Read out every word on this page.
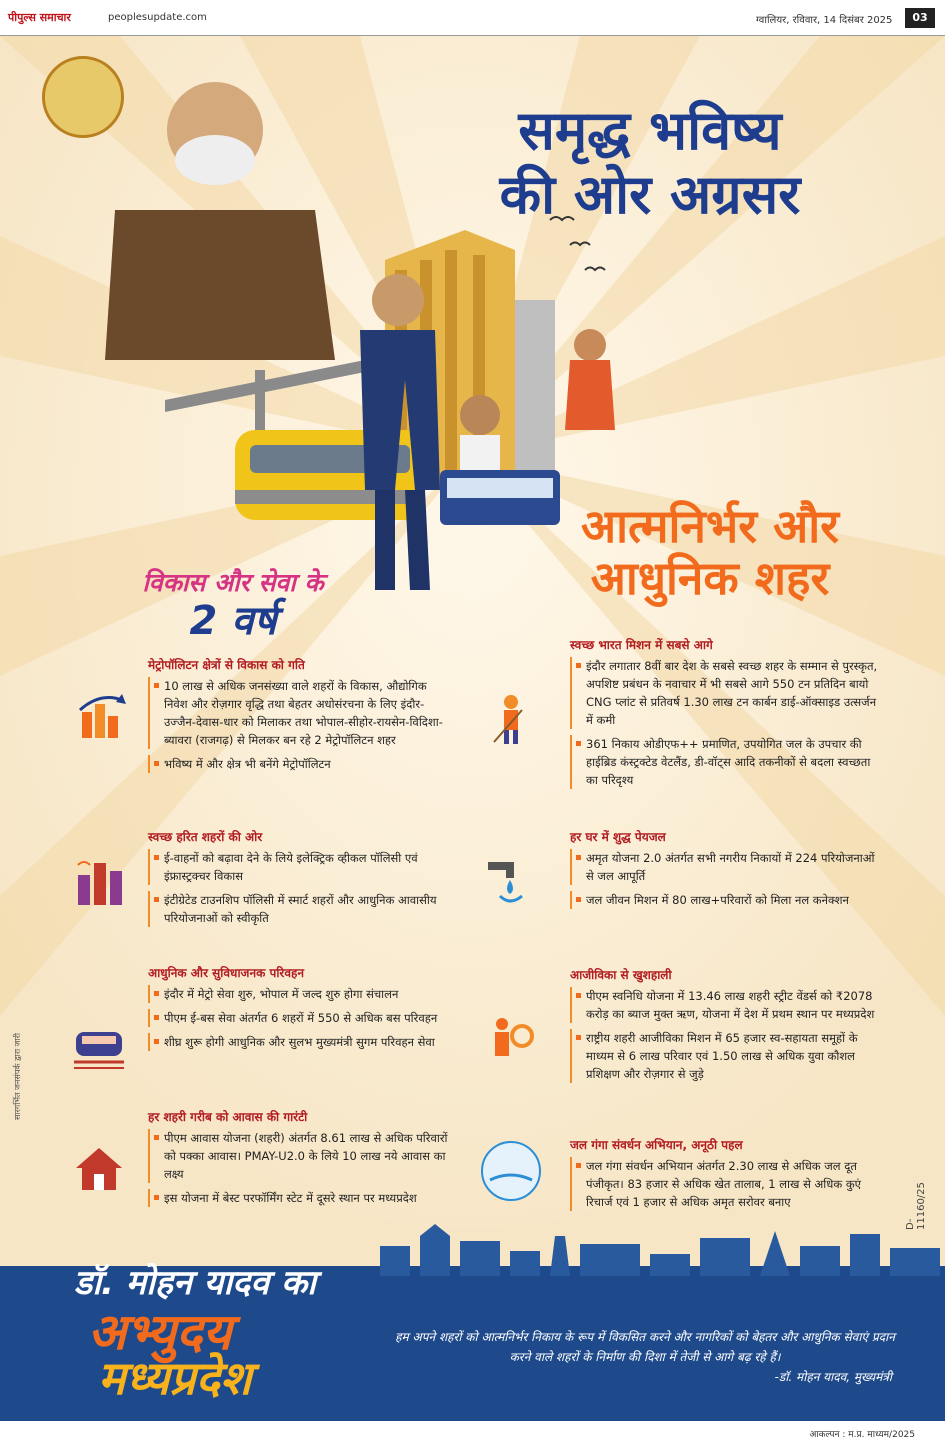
पीपुल्स समाचार	peoplesupdate.com	ग्वालियर, रविवार, 14 दिसंबर 2025	03
समृद्ध भविष्य
की ओर अग्रसर
विकास और सेवा के
2 वर्ष
आत्मनिर्भर और
आधुनिक शहर
मेट्रोपॉलिटन क्षेत्रों से विकास को गति
10 लाख से अधिक जनसंख्या वाले शहरों के विकास, औद्योगिक निवेश और रोज़गार वृद्धि तथा बेहतर अधोसंरचना के लिए इंदौर-उज्जैन-देवास-धार को मिलाकर तथा भोपाल-सीहोर-रायसेन-विदिशा-ब्यावरा (राजगढ़) से मिलकर बन रहे 2 मेट्रोपॉलिटन शहर
भविष्य में और क्षेत्र भी बनेंगे मेट्रोपॉलिटन
स्वच्छ हरित शहरों की ओर
ई-वाहनों को बढ़ावा देने के लिये इलेक्ट्रिक व्हीकल पॉलिसी एवं इंफ्रास्ट्रक्चर विकास
इंटीग्रेटेड टाउनशिप पॉलिसी में स्मार्ट शहरों और आधुनिक आवासीय परियोजनाओं को स्वीकृति
आधुनिक और सुविधाजनक परिवहन
इंदौर में मेट्रो सेवा शुरु, भोपाल में जल्द शुरु होगा संचालन
पीएम ई-बस सेवा अंतर्गत 6 शहरों में 550 से अधिक बस परिवहन
शीघ्र शुरू होगी आधुनिक और सुलभ मुख्यमंत्री सुगम परिवहन सेवा
हर शहरी गरीब को आवास की गारंटी
पीएम आवास योजना (शहरी) अंतर्गत 8.61 लाख से अधिक परिवारों को पक्का आवास। PMAY-U2.0 के लिये 10 लाख नये आवास का लक्ष्य
इस योजना में बेस्ट परफॉर्मिंग स्टेट में दूसरे स्थान पर मध्यप्रदेश
स्वच्छ भारत मिशन में सबसे आगे
इंदौर लगातार 8वीं बार देश के सबसे स्वच्छ शहर के सम्मान से पुरस्कृत, अपशिष्ट प्रबंधन के नवाचार में भी सबसे आगे 550 टन प्रतिदिन बायो CNG प्लांट से प्रतिवर्ष 1.30 लाख टन कार्बन डाई-ऑक्साइड उत्सर्जन में कमी
361 निकाय ओडीएफ++ प्रमाणित, उपयोगित जल के उपचार की हाईब्रिड कंस्ट्रक्टेड वेटलैंड, डी-वॉट्स आदि तकनीकों से बदला स्वच्छता का परिदृश्य
हर घर में शुद्ध पेयजल
अमृत योजना 2.0 अंतर्गत सभी नगरीय निकायों में 224 परियोजनाओं से जल आपूर्ति
जल जीवन मिशन में 80 लाख+परिवारों को मिला नल कनेक्शन
आजीविका से खुशहाली
पीएम स्वनिधि योजना में 13.46 लाख शहरी स्ट्रीट वेंडर्स को ₹2078 करोड़ का ब्याज मुक्त ऋण, योजना में देश में प्रथम स्थान पर मध्यप्रदेश
राष्ट्रीय शहरी आजीविका मिशन में 65 हजार स्व-सहायता समूहों के माध्यम से 6 लाख परिवार एवं 1.50 लाख से अधिक युवा कौशल प्रशिक्षण और रोज़गार से जुड़े
जल गंगा संवर्धन अभियान, अनूठी पहल
जल गंगा संवर्धन अभियान अंतर्गत 2.30 लाख से अधिक जल दूत पंजीकृत। 83 हजार से अधिक खेत तालाब, 1 लाख से अधिक कुएं रिचार्ज एवं 1 हजार से अधिक अमृत सरोवर बनाए
डॉ. मोहन यादव का
अभ्युदय
मध्यप्रदेश
हम अपने शहरों को आत्मनिर्भर निकाय के रूप में विकसित करने और नागरिकों को बेहतर और आधुनिक सेवाएं प्रदान करने वाले शहरों के निर्माण की दिशा में तेजी से आगे बढ़ रहे हैं।
-डॉ. मोहन यादव, मुख्यमंत्री
आकल्पन : म.प्र. माध्यम/2025
सारगर्भित जनसंपर्क द्वारा जारी
D-11160/25
